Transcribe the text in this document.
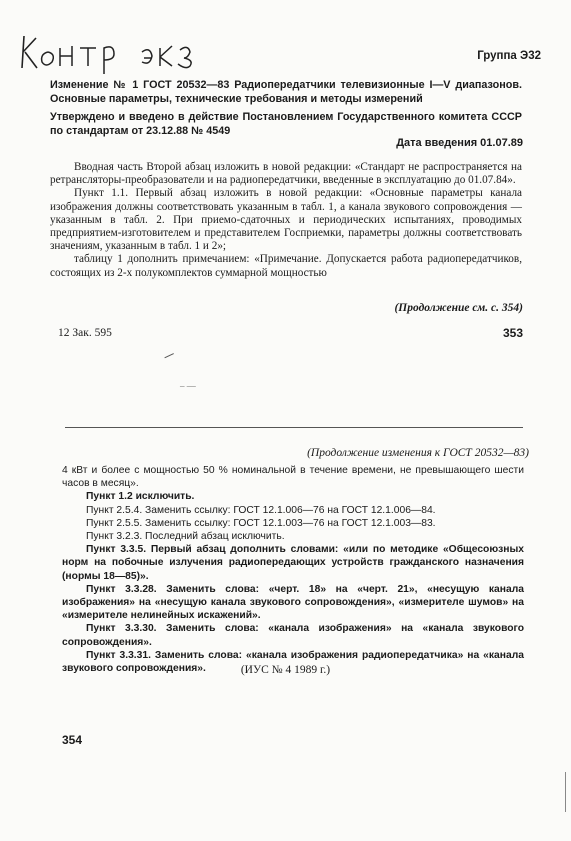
Группа Э32

Изменение № 1 ГОСТ 20532—83 Радиопередатчики телевизионные I—V диапазонов. Основные параметры, технические требования и методы измерений

Утверждено и введено в действие Постановлением Государственного комитета СССР по стандартам от 23.12.88 № 4549

Дата введения 01.07.89

Вводная часть Второй абзац изложить в новой редакции: «Стандарт не распространяется на ретрансляторы-преобразователи и на радиопередатчики, введенные в эксплуатацию до 01.07.84».

Пункт 1.1. Первый абзац изложить в новой редакции: «Основные параметры канала изображения должны соответствовать указанным в табл. 1, а канала звукового сопровождения — указанным в табл. 2. При приемо-сдаточных и периодических испытаниях, проводимых предприятием-изготовителем и представителем Госприемки, параметры должны соответствовать значениям, указанным в табл. 1 и 2»;

таблицу 1 дополнить примечанием: «Примечание. Допускается работа радиопередатчиков, состоящих из 2-х полукомплектов суммарной мощностью

(Продолжение см. с. 354)
12 Зак. 595	353
– —
(Продолжение изменения к ГОСТ 20532—83)

4 кВт и более с мощностью 50 % номинальной в течение времени, не превышающего шести часов в месяц».

Пункт 1.2 исключить.

Пункт 2.5.4. Заменить ссылку: ГОСТ 12.1.006—76 на ГОСТ 12.1.006—84.

Пункт 2.5.5. Заменить ссылку: ГОСТ 12.1.003—76 на ГОСТ 12.1.003—83.

Пункт 3.2.3. Последний абзац исключить.

Пункт 3.3.5. Первый абзац дополнить словами: «или по методике «Общесоюзных норм на побочные излучения радиопередающих устройств гражданского назначения (нормы 18—85)».

Пункт 3.3.28. Заменить слова: «черт. 18» на «черт. 21», «несущую канала изображения» на «несущую канала звукового сопровождения», «измерителе шумов» на «измерителе нелинейных искажений».

Пункт 3.3.30. Заменить слова: «канала изображения» на «канала звукового сопровождения».

Пункт 3.3.31. Заменить слова: «канала изображения радиопередатчика» на «канала звукового сопровождения».	(ИУС № 4 1989 г.)
354
